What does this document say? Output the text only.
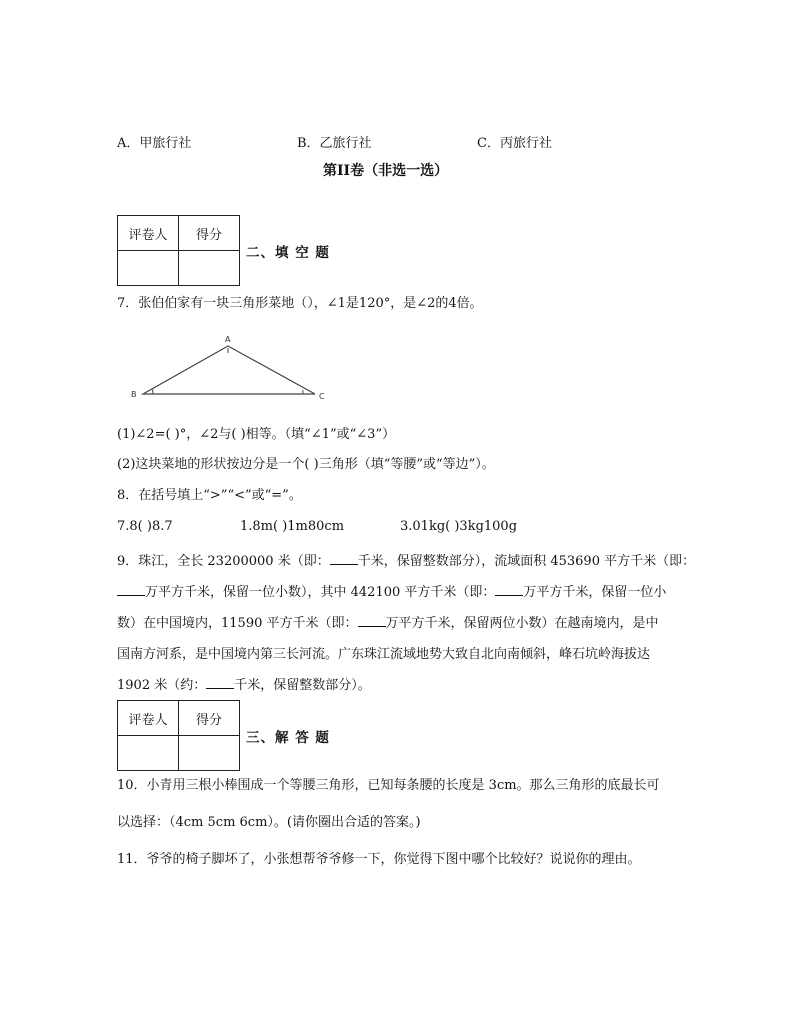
A．甲旅行社	B．乙旅行社	C．丙旅行社
第II卷（非选一选）
评卷人	得分

二、填 空 题
7．张伯伯家有一块三角形菜地（），∠1是120°，是∠2的4倍。
A
B	C
(1)∠2=( )°，∠2与( )相等。（填“∠1”或“∠3”）
(2)这块菜地的形状按边分是一个( )三角形（填“等腰”或“等边”）。
8．在括号填上“>”“<”或“=”。
7.8( )8.7	1.8m( )1m80cm	3.01kg( )3kg100g

9．珠江，全长 23200000 米（即： 千米，保留整数部分），流域面积 453690 平方千米（即：

万平方千米，保留一位小数），其中 442100 平方千米（即： 万平方千米，保留一位小

数）在中国境内，11590 平方千米（即： 万平方千米，保留两位小数）在越南境内，是中

国南方河系，是中国境内第三长河流。广东珠江流域地势大致自北向南倾斜，峰石坑岭海拔达

1902 米（约： 千米，保留整数部分）。

评卷人	得分

三、解 答 题
10．小青用三根小棒围成一个等腰三角形，已知每条腰的长度是 3cm。那么三角形的底最长可
以选择：（4cm 5cm 6cm）。(请你圈出合适的答案。)
11．爷爷的椅子脚坏了，小张想帮爷爷修一下，你觉得下图中哪个比较好？说说你的理由。
